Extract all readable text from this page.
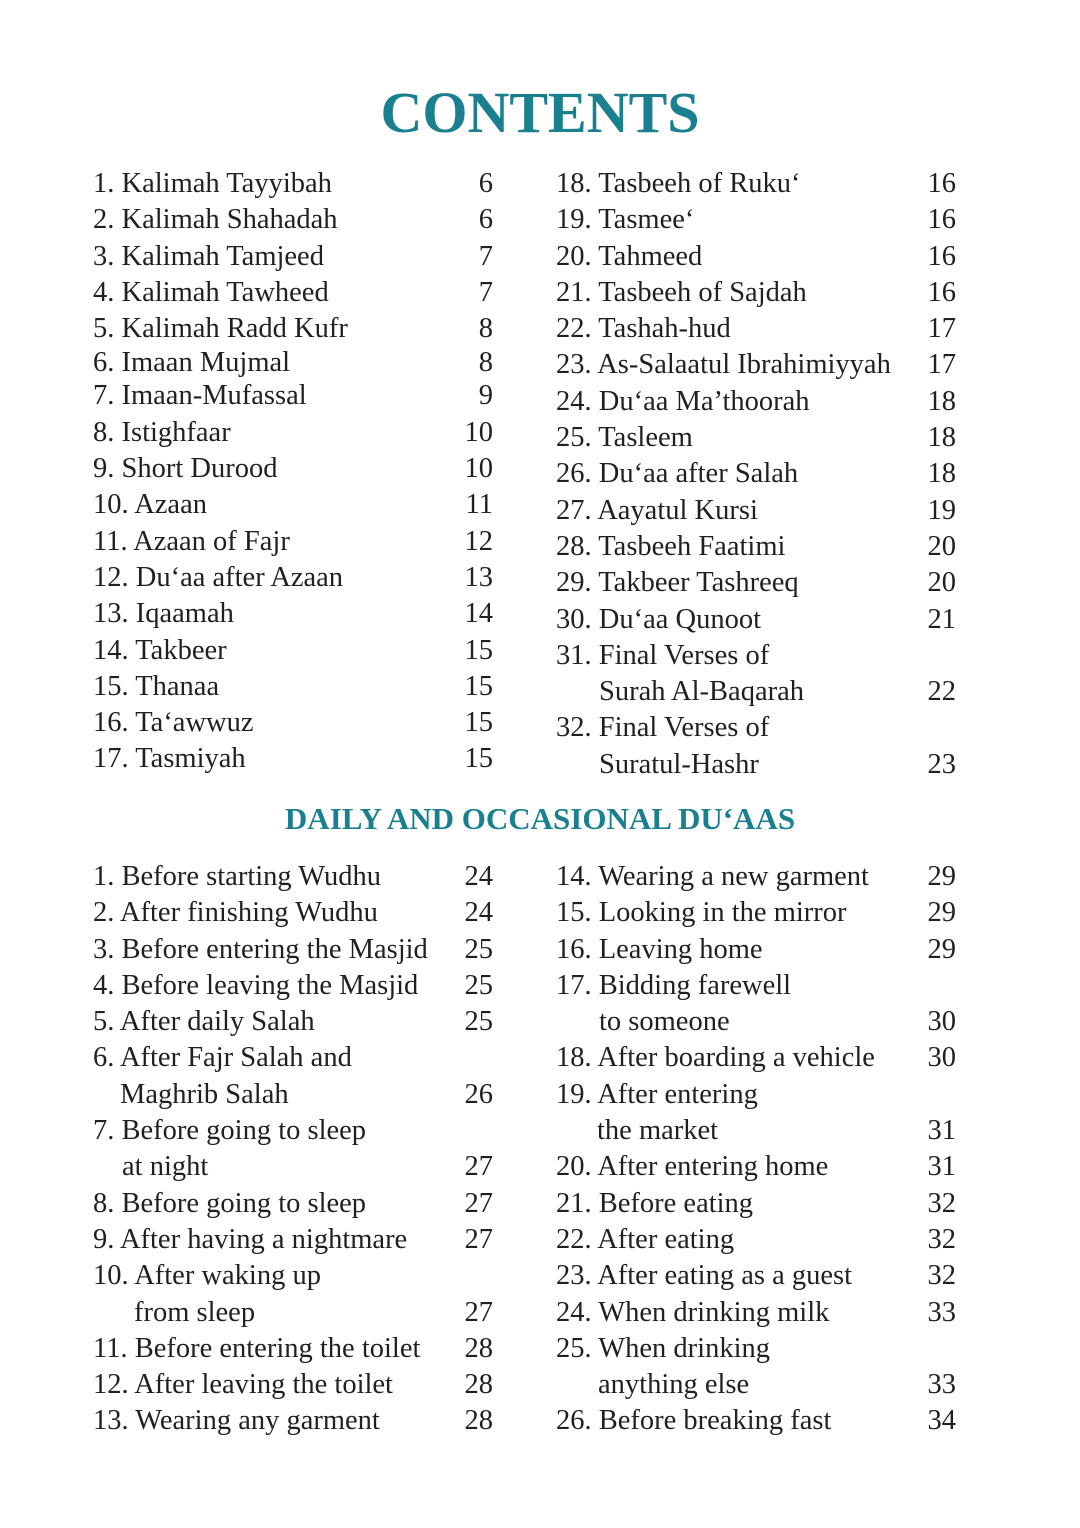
CONTENTS
1. Kalimah Tayyibah	6
2. Kalimah Shahadah	6
3. Kalimah Tamjeed	7
4. Kalimah Tawheed	7
5. Kalimah Radd Kufr	8
6. Imaan Mujmal	8
7. Imaan-Mufassal	9
8. Istighfaar	10
9. Short Durood	10
10. Azaan	11
11. Azaan of Fajr	12
12. Du‘aa after Azaan	13
13. Iqaamah	14
14. Takbeer	15
15. Thanaa	15
16. Ta‘awwuz	15
17. Tasmiyah	15
18. Tasbeeh of Ruku‘	16
19. Tasmee‘	16
20. Tahmeed	16
21. Tasbeeh of Sajdah	16
22. Tashah-hud	17
23. As-Salaatul Ibrahimiyyah	17
24. Du‘aa Ma’thoorah	18
25. Tasleem	18
26. Du‘aa after Salah	18
27. Aayatul Kursi	19
28. Tasbeeh Faatimi	20
29. Takbeer Tashreeq	20
30. Du‘aa Qunoot	21
31. Final Verses of
Surah Al-Baqarah	22
32. Final Verses of
Suratul-Hashr	23
DAILY AND OCCASIONAL DU‘AAS
1. Before starting Wudhu	24
2. After finishing Wudhu	24
3. Before entering the Masjid	25
4. Before leaving the Masjid	25
5. After daily Salah	25
6. After Fajr Salah and
Maghrib Salah	26
7. Before going to sleep
at night	27
8. Before going to sleep	27
9. After having a nightmare	27
10. After waking up
from sleep	27
11. Before entering the toilet	28
12. After leaving the toilet	28
13. Wearing any garment	28
14. Wearing a new garment	29
15. Looking in the mirror	29
16. Leaving home	29
17. Bidding farewell
to someone	30
18. After boarding a vehicle	30
19. After entering
the market	31
20. After entering home	31
21. Before eating	32
22. After eating	32
23. After eating as a guest	32
24. When drinking milk	33
25. When drinking
anything else	33
26. Before breaking fast	34
